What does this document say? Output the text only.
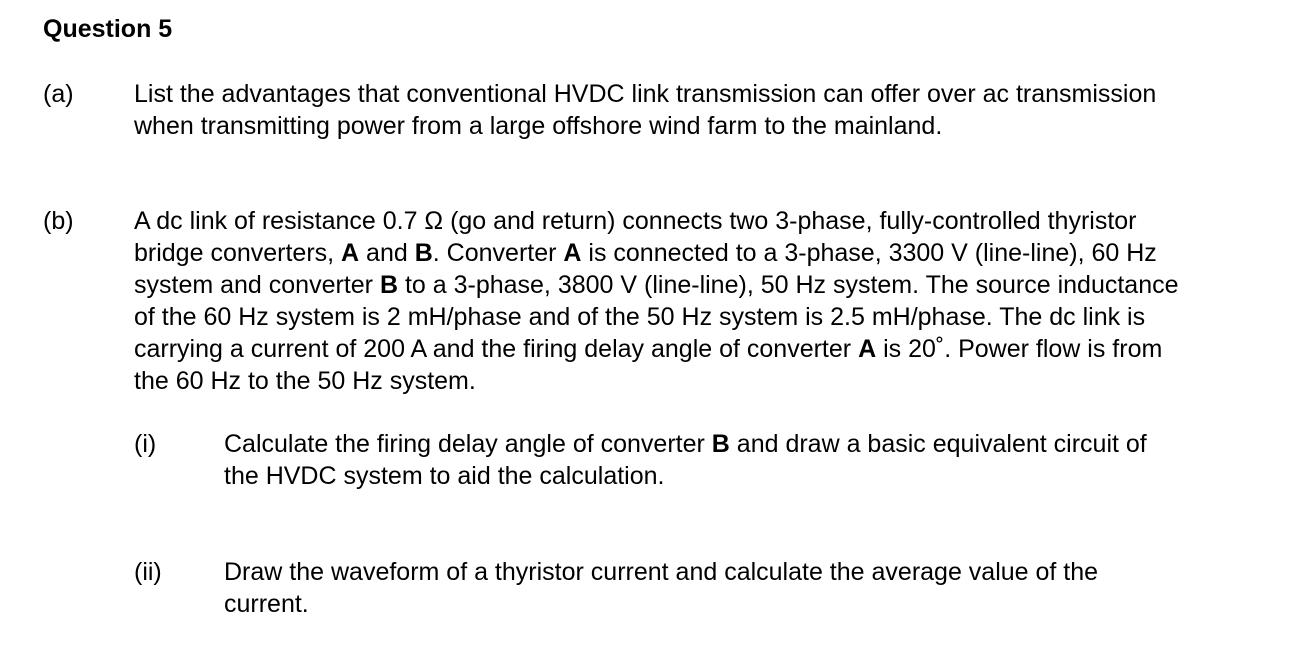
Question 5
(a) List the advantages that conventional HVDC link transmission can offer over ac transmission
when transmitting power from a large offshore wind farm to the mainland.
(b) A dc link of resistance 0.7 Ω (go and return) connects two 3-phase, fully-controlled thyristor
bridge converters, A and B. Converter A is connected to a 3-phase, 3300 V (line-line), 60 Hz
system and converter B to a 3-phase, 3800 V (line-line), 50 Hz system. The source inductance
of the 60 Hz system is 2 mH/phase and of the 50 Hz system is 2.5 mH/phase. The dc link is
carrying a current of 200 A and the firing delay angle of converter A is 20˚. Power flow is from
the 60 Hz to the 50 Hz system.
(i)	Calculate the firing delay angle of converter B and draw a basic equivalent circuit of
the HVDC system to aid the calculation.
(ii) Draw the waveform of a thyristor current and calculate the average value of the
current.
